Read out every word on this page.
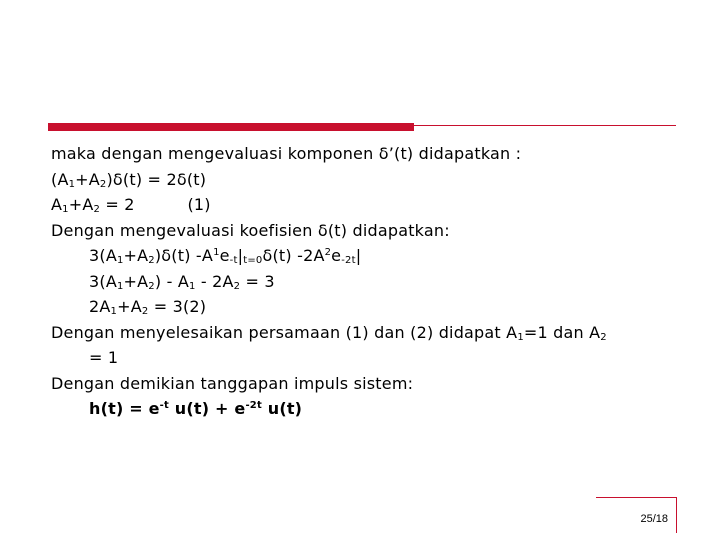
maka dengan mengevaluasi komponen δ’(t) didapatkan :
$(A_1+A_2)\delta(t) = 2\delta(t)$
$A_1+A_2 = 2$          (1)
Dengan mengevaluasi koefisien δ(t) didapatkan:
$3(A_1+A_2)\delta(t)$ $-A^1e_{-t}|_{t=0}\delta(t)$ $-2A^2e_{-2t}|$
$3(A_1+A_2) - A_1 - 2A_2 = 3$
$2A_1+A_2 = 3(2)$
Dengan menyelesaikan persamaan (1) dan (2) didapat $A_1=1$ dan $A_2$
= 1
Dengan demikian tanggapan impuls sistem:
$h(t) = e^{-t}$ $u(t) + e^{-2t}$ u(t)
25/18
